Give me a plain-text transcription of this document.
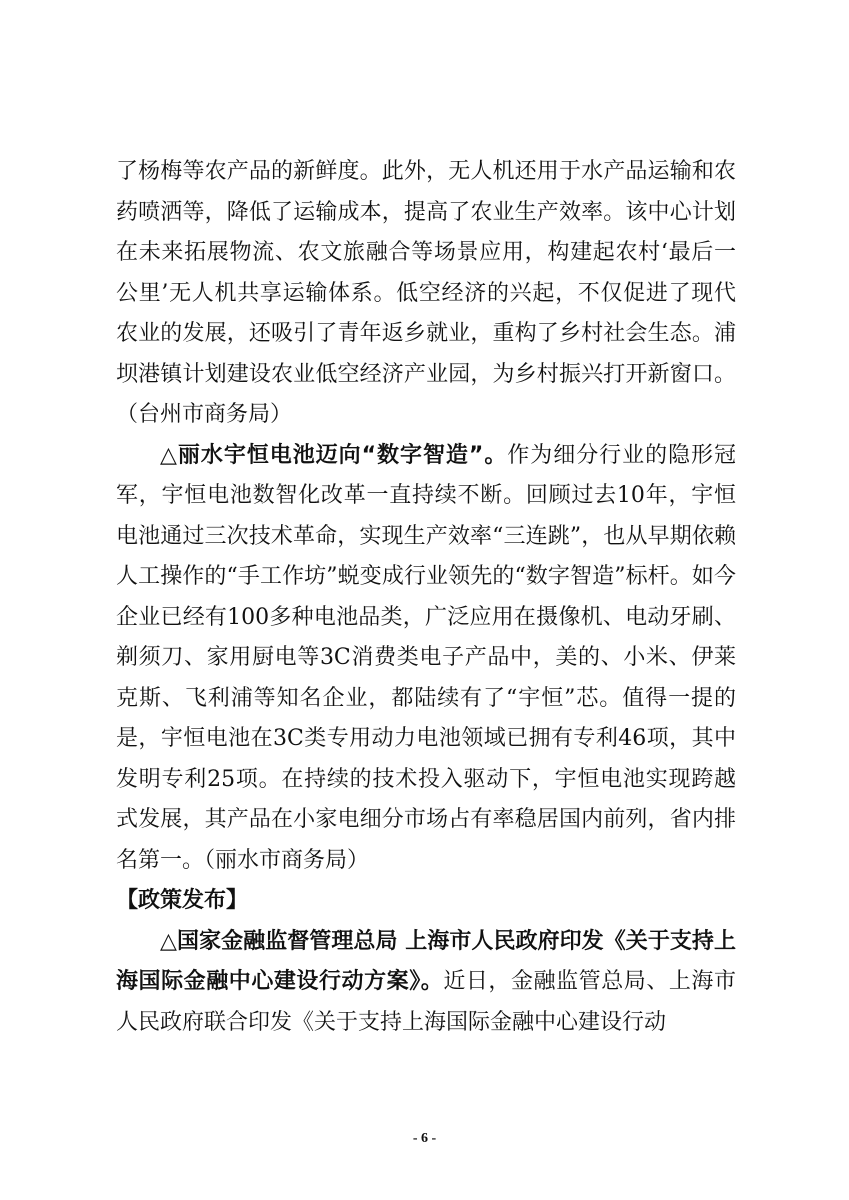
了杨梅等农产品的新鲜度。此外，无人机还用于水产品运输和农药喷洒等，降低了运输成本，提高了农业生产效率。该中心计划在未来拓展物流、农文旅融合等场景应用，构建起农村‘最后一公里’无人机共享运输体系。低空经济的兴起，不仅促进了现代农业的发展，还吸引了青年返乡就业，重构了乡村社会生态。浦坝港镇计划建设农业低空经济产业园，为乡村振兴打开新窗口。（台州市商务局）

△丽水宇恒电池迈向“数字智造”。作为细分行业的隐形冠军，宇恒电池数智化改革一直持续不断。回顾过去10年，宇恒电池通过三次技术革命，实现生产效率“三连跳”，也从早期依赖人工操作的“手工作坊”蜕变成行业领先的“数字智造”标杆。如今企业已经有100多种电池品类，广泛应用在摄像机、电动牙刷、剃须刀、家用厨电等3C消费类电子产品中，美的、小米、伊莱克斯、飞利浦等知名企业，都陆续有了“宇恒”芯。值得一提的是，宇恒电池在3C类专用动力电池领域已拥有专利46项，其中发明专利25项。在持续的技术投入驱动下，宇恒电池实现跨越式发展，其产品在小家电细分市场占有率稳居国内前列，省内排名第一。（丽水市商务局）

【政策发布】

△国家金融监督管理总局 上海市人民政府印发《关于支持上海国际金融中心建设行动方案》。近日，金融监管总局、上海市人民政府联合印发《关于支持上海国际金融中心建设行动

- 6 -
